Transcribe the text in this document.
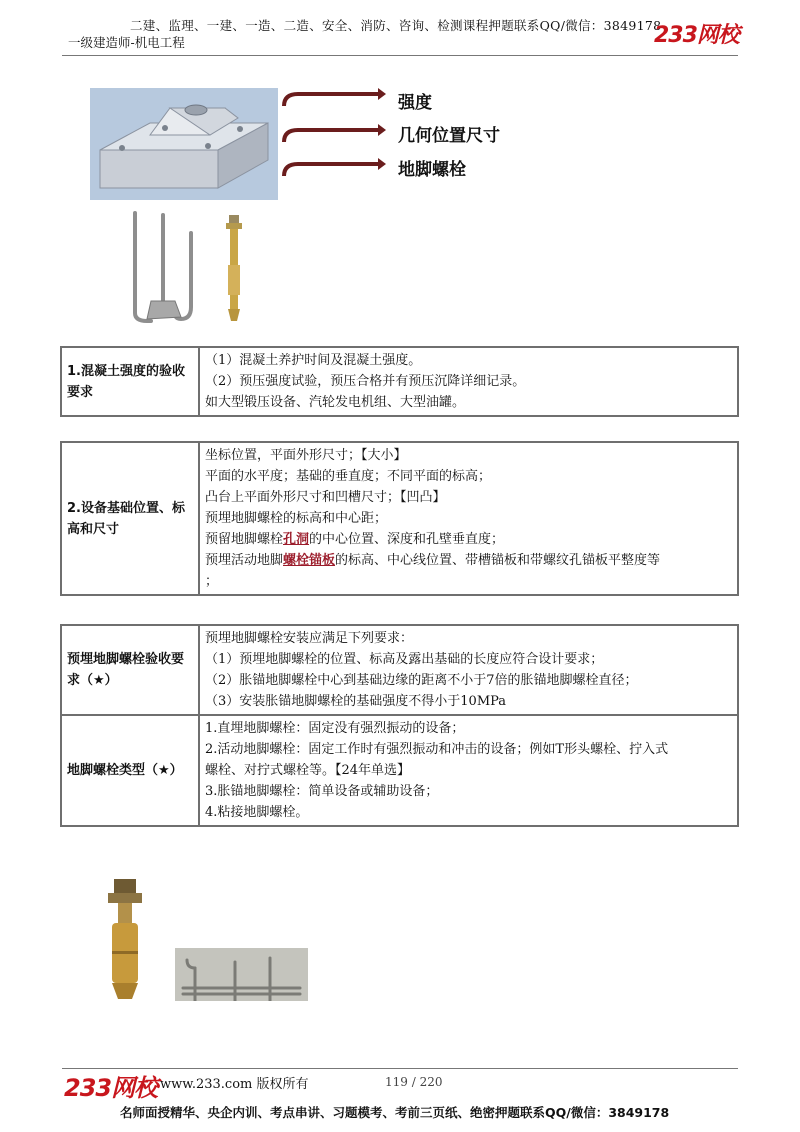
二建、监理、一建、一造、二造、安全、消防、咨询、检测课程押题联系QQ/微信：3849178
一级建造师-机电工程	233网校
强度
几何位置尺寸
地脚螺栓
1.混凝土强度的验收要求	
（1）混凝土养护时间及混凝土强度。
（2）预压强度试验，预压合格并有预压沉降详细记录。
如大型锻压设备、汽轮发电机组、大型油罐。
2.设备基础位置、标高和尺寸	
坐标位置，平面外形尺寸；【大小】
平面的水平度；基础的垂直度；不同平面的标高；
凸台上平面外形尺寸和凹槽尺寸；【凹凸】
预埋地脚螺栓的标高和中心距；
预留地脚螺栓孔洞的中心位置、深度和孔壁垂直度；
预埋活动地脚螺栓锚板的标高、中心线位置、带槽锚板和带螺纹孔锚板平整度等
；
预埋地脚螺栓验收要求（★）	预埋地脚螺栓安装应满足下列要求：
（1）预埋地脚螺栓的位置、标高及露出基础的长度应符合设计要求；
（2）胀锚地脚螺栓中心到基础边缘的距离不小于7倍的胀锚地脚螺栓直径；
（3）安装胀锚地脚螺栓的基础强度不得小于10MPa

地脚螺栓类型（★）	1.直埋地脚螺栓：固定没有强烈振动的设备；
2.活动地脚螺栓：固定工作时有强烈振动和冲击的设备；例如T形头螺栓、拧入式
螺栓、对拧式螺栓等。【24年单选】
3.胀锚地脚螺栓：简单设备或辅助设备；
4.粘接地脚螺栓。
233网校 www.233.com 版权所有	119 / 220
名师面授精华、央企内训、考点串讲、习题模考、考前三页纸、绝密押题联系QQ/微信：3849178
